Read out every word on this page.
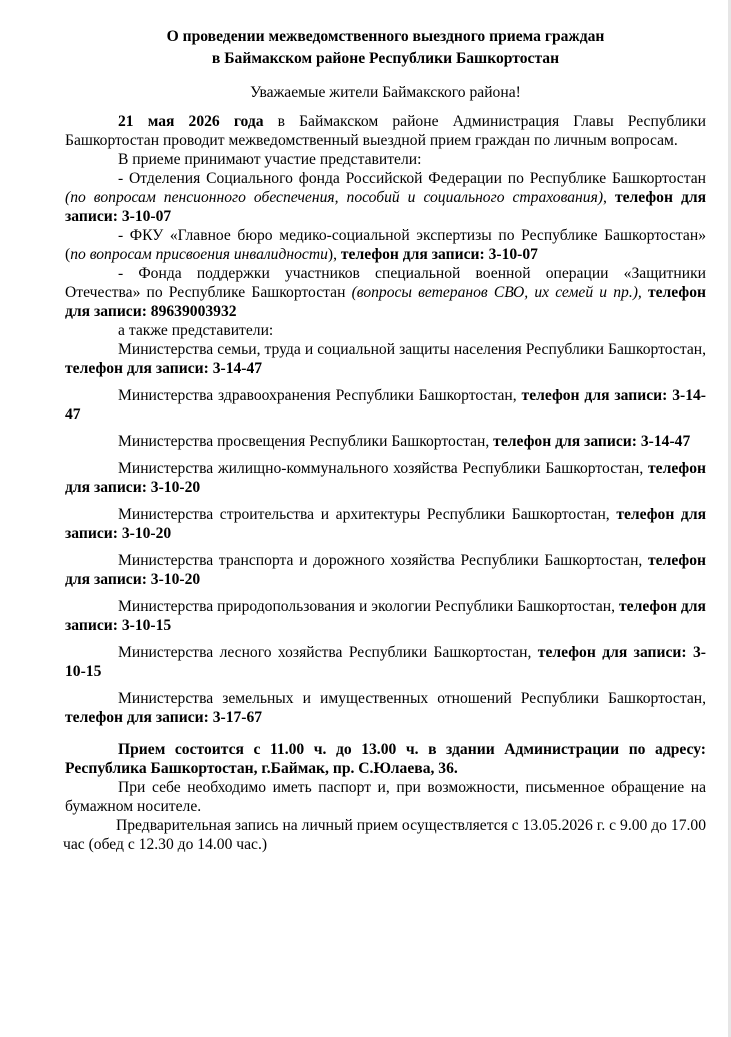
О проведении межведомственного выездного приема граждан
в Баймакском районе Республики Башкортостан
Уважаемые жители Баймакского района!

21 мая 2026 года в Баймакском районе Администрация Главы Республики Башкортостан проводит межведомственный выездной прием граждан по личным вопросам.

В приеме принимают участие представители:

- Отделения Социального фонда Российской Федерации по Республике Башкортостан (по вопросам пенсионного обеспечения, пособий и социального страхования), телефон для записи: 3-10-07

- ФКУ «Главное бюро медико-социальной экспертизы по Республике Башкортостан» (по вопросам присвоения инвалидности), телефон для записи: 3-10-07

- Фонда поддержки участников специальной военной операции «Защитники Отечества» по Республике Башкортостан (вопросы ветеранов СВО, их семей и пр.), телефон для записи: 89639003932

а также представители:

Министерства семьи, труда и социальной защиты населения Республики Башкортостан, телефон для записи: 3-14-47

Министерства здравоохранения Республики Башкортостан, телефон для записи: 3-14-47

Министерства просвещения Республики Башкортостан, телефон для записи: 3-14-47

Министерства жилищно-коммунального хозяйства Республики Башкортостан, телефон для записи: 3-10-20

Министерства строительства и архитектуры Республики Башкортостан, телефон для записи: 3-10-20

Министерства транспорта и дорожного хозяйства Республики Башкортостан, телефон для записи: 3-10-20

Министерства природопользования и экологии Республики Башкортостан, телефон для записи: 3-10-15

Министерства лесного хозяйства Республики Башкортостан, телефон для записи: 3-10-15

Министерства земельных и имущественных отношений Республики Башкортостан, телефон для записи: 3-17-67

Прием состоится с 11.00 ч. до 13.00 ч. в здании Администрации по адресу: Республика Башкортостан, г.Баймак, пр. С.Юлаева, 36.

При себе необходимо иметь паспорт и, при возможности, письменное обращение на бумажном носителе.

Предварительная запись на личный прием осуществляется с 13.05.2026 г. с 9.00 до 17.00 час (обед с 12.30 до 14.00 час.)
